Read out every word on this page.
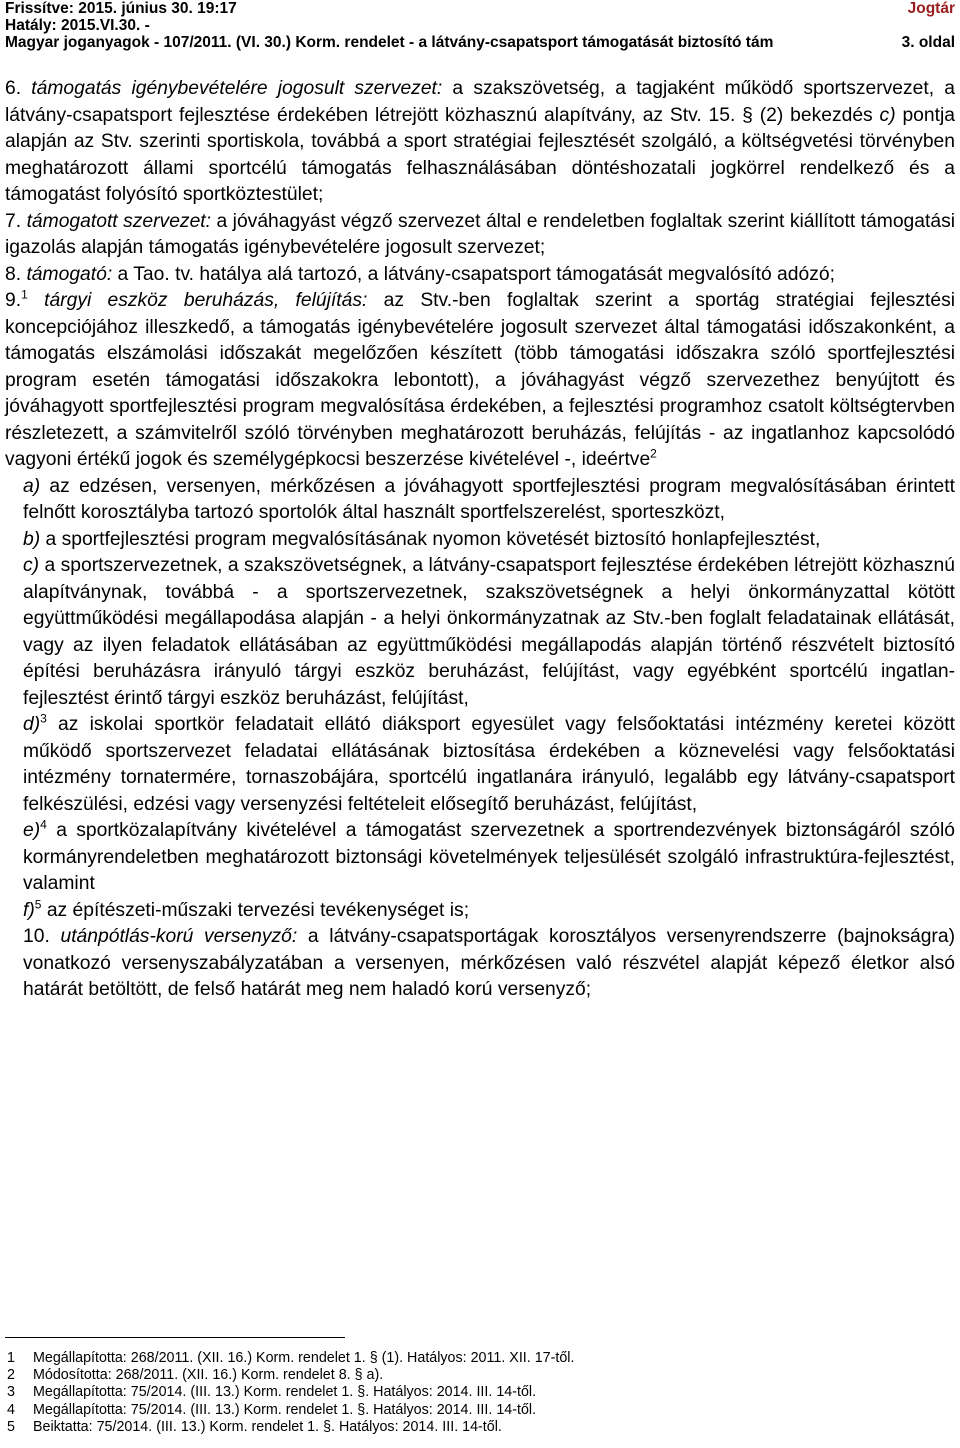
Frissítve: 2015. június 30. 19:17	Jogtár
Hatály: 2015.VI.30. -
Magyar joganyagok - 107/2011. (VI. 30.) Korm. rendelet - a látvány-csapatsport támogatását biztosító tám	3. oldal

6. támogatás igénybevételére jogosult szervezet: a szakszövetség, a tagjaként működő sportszervezet, a látvány-csapatsport fejlesztése érdekében létrejött közhasznú alapítvány, az Stv. 15. § (2) bekezdés c) pontja alapján az Stv. szerinti sportiskola, továbbá a sport stratégiai fejlesztését szolgáló, a költségvetési törvényben meghatározott állami sportcélú támogatás felhasználásában döntéshozatali jogkörrel rendelkező és a támogatást folyósító sportköztestület;

7. támogatott szervezet: a jóváhagyást végző szervezet által e rendeletben foglaltak szerint kiállított támogatási igazolás alapján támogatás igénybevételére jogosult szervezet;

8. támogató: a Tao. tv. hatálya alá tartozó, a látvány-csapatsport támogatását megvalósító adózó;

9.$^1$ tárgyi eszköz beruházás, felújítás: az Stv.-ben foglaltak szerint a sportág stratégiai fejlesztési koncepciójához illeszkedő, a támogatás igénybevételére jogosult szervezet által támogatási időszakonként, a támogatás elszámolási időszakát megelőzően készített (több támogatási időszakra szóló sportfejlesztési program esetén támogatási időszakokra lebontott), a jóváhagyást végző szervezethez benyújtott és jóváhagyott sportfejlesztési program megvalósítása érdekében, a fejlesztési programhoz csatolt költségtervben részletezett, a számvitelről szóló törvényben meghatározott beruházás, felújítás - az ingatlanhoz kapcsolódó vagyoni értékű jogok és személygépkocsi beszerzése kivételével -, ideértve$^2$

a) az edzésen, versenyen, mérkőzésen a jóváhagyott sportfejlesztési program megvalósításában érintett felnőtt korosztályba tartozó sportolók által használt sportfelszerelést, sporteszközt,

b) a sportfejlesztési program megvalósításának nyomon követését biztosító honlapfejlesztést,

c) a sportszervezetnek, a szakszövetségnek, a látvány-csapatsport fejlesztése érdekében létrejött közhasznú alapítványnak, továbbá - a sportszervezetnek, szakszövetségnek a helyi önkormányzattal kötött együttműködési megállapodása alapján - a helyi önkormányzatnak az Stv.-ben foglalt feladatainak ellátását, vagy az ilyen feladatok ellátásában az együttműködési megállapodás alapján történő részvételt biztosító építési beruházásra irányuló tárgyi eszköz beruházást, felújítást, vagy egyébként sportcélú ingatlan-fejlesztést érintő tárgyi eszköz beruházást, felújítást,

d)$^3$ az iskolai sportkör feladatait ellátó diáksport egyesület vagy felsőoktatási intézmény keretei között működő sportszervezet feladatai ellátásának biztosítása érdekében a köznevelési vagy felsőoktatási intézmény tornatermére, tornaszobájára, sportcélú ingatlanára irányuló, legalább egy látvány-csapatsport felkészülési, edzési vagy versenyzési feltételeit elősegítő beruházást, felújítást,

e)$^4$ a sportközalapítvány kivételével a támogatást szervezetnek a sportrendezvények biztonságáról szóló kormányrendeletben meghatározott biztonsági követelmények teljesülését szolgáló infrastruktúra-fejlesztést, valamint

f)$^5$ az építészeti-műszaki tervezési tevékenységet is;

10. utánpótlás-korú versenyző: a látvány-csapatsportágak korosztályos versenyrendszerre (bajnokságra) vonatkozó versenyszabályzatában a versenyen, mérkőzésen való részvétel alapját képező életkor alsó határát betöltött, de felső határát meg nem haladó korú versenyző;

1	Megállapította: 268/2011. (XII. 16.) Korm. rendelet 1. § (1). Hatályos: 2011. XII. 17-től.
2	Módosította: 268/2011. (XII. 16.) Korm. rendelet 8. § a).
3	Megállapította: 75/2014. (III. 13.) Korm. rendelet 1. §. Hatályos: 2014. III. 14-től.
4	Megállapította: 75/2014. (III. 13.) Korm. rendelet 1. §. Hatályos: 2014. III. 14-től.
5	Beiktatta: 75/2014. (III. 13.) Korm. rendelet 1. §. Hatályos: 2014. III. 14-től.
